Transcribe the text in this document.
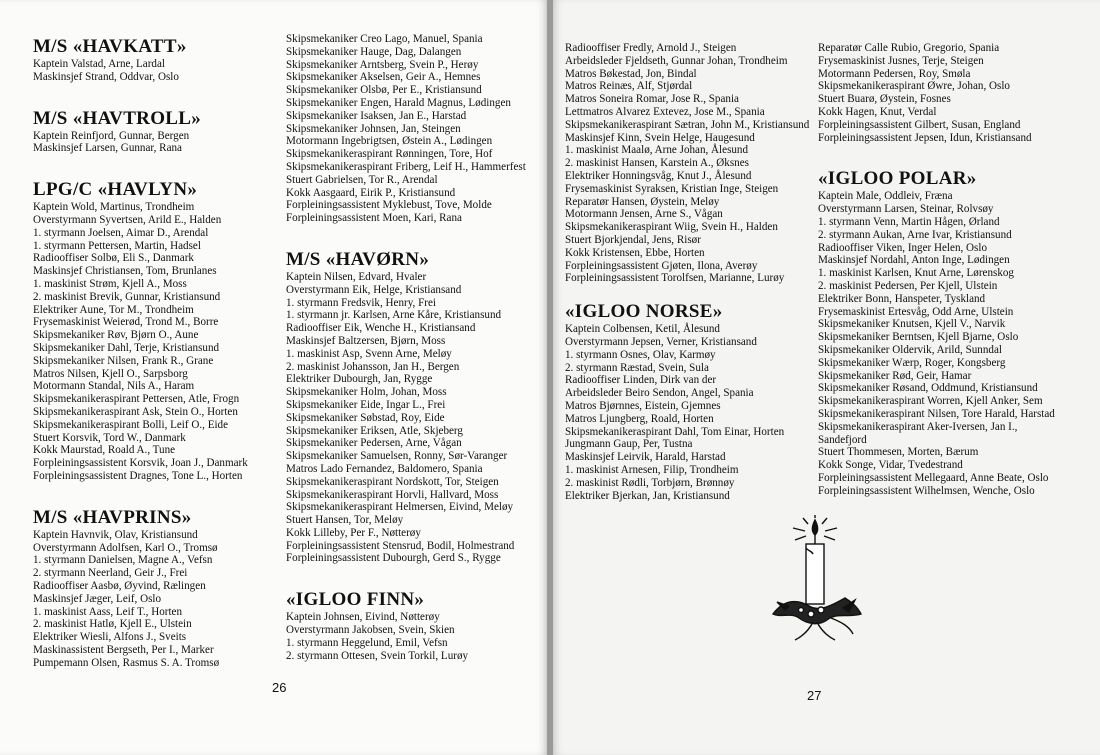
M/S «HAVKATT»
Kaptein Valstad, Arne, Lardal
Maskinsjef Strand, Oddvar, Oslo
M/S «HAVTROLL»
Kaptein Reinfjord, Gunnar, Bergen
Maskinsjef Larsen, Gunnar, Rana
LPG/C «HAVLYN»
Kaptein Wold, Martinus, Trondheim
Overstyrmann Syvertsen, Arild E., Halden
1. styrmann Joelsen, Aimar D., Arendal
1. styrmann Pettersen, Martin, Hadsel
Radiooffiser Solbø, Eli S., Danmark
Maskinsjef Christiansen, Tom, Brunlanes
1. maskinist Strøm, Kjell A., Moss
2. maskinist Brevik, Gunnar, Kristiansund
Elektriker Aune, Tor M., Trondheim
Frysemaskinist Weierød, Trond M., Borre
Skipsmekaniker Røv, Bjørn O., Aune
Skipsmekaniker Dahl, Terje, Kristiansund
Skipsmekaniker Nilsen, Frank R., Grane
Matros Nilsen, Kjell O., Sarpsborg
Motormann Standal, Nils A., Haram
Skipsmekanikeraspirant Pettersen, Atle, Frogn
Skipsmekanikeraspirant Ask, Stein O., Horten
Skipsmekanikeraspirant Bolli, Leif O., Eide
Stuert Korsvik, Tord W., Danmark
Kokk Maurstad, Roald A., Tune
Forpleiningsassistent Korsvik, Joan J., Danmark
Forpleiningsassistent Dragnes, Tone L., Horten
M/S «HAVPRINS»
Kaptein Havnvik, Olav, Kristiansund
Overstyrmann Adolfsen, Karl O., Tromsø
1. styrmann Danielsen, Magne A., Vefsn
2. styrmann Neerland, Geir J., Frei
Radiooffiser Aasbø, Øyvind, Rælingen
Maskinsjef Jæger, Leif, Oslo
1. maskinist Aass, Leif T., Horten
2. maskinist Hatlø, Kjell E., Ulstein
Elektriker Wiesli, Alfons J., Sveits
Maskinassistent Bergseth, Per I., Marker
Pumpemann Olsen, Rasmus S. A. Tromsø
Skipsmekaniker Creo Lago, Manuel, Spania
Skipsmekaniker Hauge, Dag, Dalangen
Skipsmekaniker Arntsberg, Svein P., Herøy
Skipsmekaniker Akselsen, Geir A., Hemnes
Skipsmekaniker Olsbø, Per E., Kristiansund
Skipsmekaniker Engen, Harald Magnus, Lødingen
Skipsmekaniker Isaksen, Jan E., Harstad
Skipsmekaniker Johnsen, Jan, Steingen
Motormann Ingebrigtsen, Østein A., Lødingen
Skipsmekanikeraspirant Rønningen, Tore, Hof
Skipsmekanikeraspirant Friberg, Leif H., Hammerfest
Stuert Gabrielsen, Tor R., Arendal
Kokk Aasgaard, Eirik P., Kristiansund
Forpleiningsassistent Myklebust, Tove, Molde
Forpleiningsassistent Moen, Kari, Rana
M/S «HAVØRN»
Kaptein Nilsen, Edvard, Hvaler
Overstyrmann Eik, Helge, Kristiansand
1. styrmann Fredsvik, Henry, Frei
1. styrmann jr. Karlsen, Arne Kåre, Kristiansund
Radiooffiser Eik, Wenche H., Kristiansand
Maskinsjef Baltzersen, Bjørn, Moss
1. maskinist Asp, Svenn Arne, Meløy
2. maskinist Johansson, Jan H., Bergen
Elektriker Dubourgh, Jan, Rygge
Skipsmekaniker Holm, Johan, Moss
Skipsmekaniker Eide, Ingar L., Frei
Skipsmekaniker Søbstad, Roy, Eide
Skipsmekaniker Eriksen, Atle, Skjeberg
Skipsmekaniker Pedersen, Arne, Vågan
Skipsmekaniker Samuelsen, Ronny, Sør-Varanger
Matros Lado Fernandez, Baldomero, Spania
Skipsmekanikeraspirant Nordskott, Tor, Steigen
Skipsmekanikeraspirant Horvli, Hallvard, Moss
Skipsmekanikeraspirant Helmersen, Eivind, Meløy
Stuert Hansen, Tor, Meløy
Kokk Lilleby, Per F., Nøtterøy
Forpleiningsassistent Stensrud, Bodil, Holmestrand
Forpleiningsassistent Dubourgh, Gerd S., Rygge
«IGLOO FINN»
Kaptein Johnsen, Eivind, Nøtterøy
Overstyrmann Jakobsen, Svein, Skien
1. styrmann Heggelund, Emil, Vefsn
2. styrmann Ottesen, Svein Torkil, Lurøy
26
Radiooffiser Fredly, Arnold J., Steigen
Arbeidsleder Fjeldseth, Gunnar Johan, Trondheim
Matros Bøkestad, Jon, Bindal
Matros Reinæs, Alf, Stjørdal
Matros Soneira Romar, Jose R., Spania
Lettmatros Alvarez Extevez, Jose M., Spania
Skipsmekanikeraspirant Sætran, John M., Kristiansund
Maskinsjef Kinn, Svein Helge, Haugesund
1. maskinist Maalø, Arne Johan, Ålesund
2. maskinist Hansen, Karstein A., Øksnes
Elektriker Honningsvåg, Knut J., Ålesund
Frysemaskinist Syraksen, Kristian Inge, Steigen
Reparatør Hansen, Øystein, Meløy
Motormann Jensen, Arne S., Vågan
Skipsmekanikeraspirant Wiig, Svein H., Halden
Stuert Bjorkjendal, Jens, Risør
Kokk Kristensen, Ebbe, Horten
Forpleiningsassistent Gjøten, Ilona, Averøy
Forpleiningsassistent Torolfsen, Marianne, Lurøy
«IGLOO NORSE»
Kaptein Colbensen, Ketil, Ålesund
Overstyrmann Jepsen, Verner, Kristiansand
1. styrmann Osnes, Olav, Karmøy
2. styrmann Ræstad, Svein, Sula
Radiooffiser Linden, Dirk van der
Arbeidsleder Beiro Sendon, Angel, Spania
Matros Bjørnnes, Eistein, Gjemnes
Matros Ljungberg, Roald, Horten
Skipsmekanikeraspirant Dahl, Tom Einar, Horten
Jungmann Gaup, Per, Tustna
Maskinsjef Leirvik, Harald, Harstad
1. maskinist Arnesen, Filip, Trondheim
2. maskinist Rødli, Torbjørn, Brønnøy
Elektriker Bjerkan, Jan, Kristiansund
Reparatør Calle Rubio, Gregorio, Spania
Frysemaskinist Jusnes, Terje, Steigen
Motormann Pedersen, Roy, Smøla
Skipsmekanikeraspirant Øwre, Johan, Oslo
Stuert Buarø, Øystein, Fosnes
Kokk Hagen, Knut, Verdal
Forpleiningsassistent Gilbert, Susan, England
Forpleiningsassistent Jepsen, Idun, Kristiansand
«IGLOO POLAR»
Kaptein Male, Oddleiv, Fræna
Overstyrmann Larsen, Steinar, Rolvsøy
1. styrmann Venn, Martin Hågen, Ørland
2. styrmann Aukan, Arne Ivar, Kristiansund
Radiooffiser Viken, Inger Helen, Oslo
Maskinsjef Nordahl, Anton Inge, Lødingen
1. maskinist Karlsen, Knut Arne, Lørenskog
2. maskinist Pedersen, Per Kjell, Ulstein
Elektriker Bonn, Hanspeter, Tyskland
Frysemaskinist Ertesvåg, Odd Arne, Ulstein
Skipsmekaniker Knutsen, Kjell V., Narvik
Skipsmekaniker Berntsen, Kjell Bjarne, Oslo
Skipsmekaniker Oldervik, Arild, Sunndal
Skipsmekaniker Wærp, Roger, Kongsberg
Skipsmekaniker Rød, Geir, Hamar
Skipsmekaniker Røsand, Oddmund, Kristiansund
Skipsmekanikeraspirant Worren, Kjell Anker, Sem
Skipsmekanikeraspirant Nilsen, Tore Harald, Harstad
Skipsmekanikeraspirant Aker-Iversen, Jan I.,
Sandefjord
Stuert Thommesen, Morten, Bærum
Kokk Songe, Vidar, Tvedestrand
Forpleiningsassistent Mellegaard, Anne Beate, Oslo
Forpleiningsassistent Wilhelmsen, Wenche, Oslo
27
